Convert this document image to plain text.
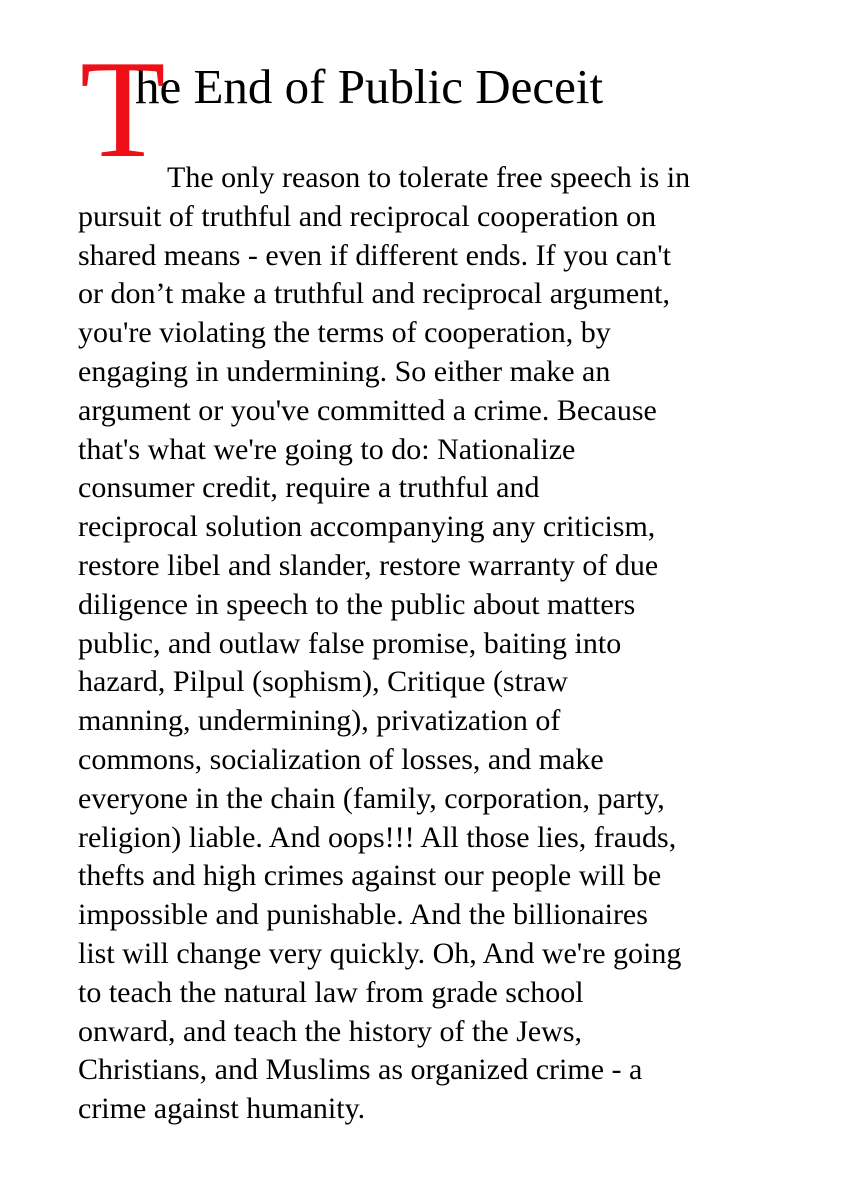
T
he End of Public Deceit
The only reason to tolerate free speech is in
pursuit of truthful and reciprocal cooperation on
shared means - even if different ends. If you can't
or don’t make a truthful and reciprocal argument,
you're violating the terms of cooperation, by
engaging in undermining. So either make an
argument or you've committed a crime. Because
that's what we're going to do: Nationalize
consumer credit, require a truthful and
reciprocal solution accompanying any criticism,
restore libel and slander, restore warranty of due
diligence in speech to the public about matters
public, and outlaw false promise, baiting into
hazard, Pilpul (sophism), Critique (straw
manning, undermining), privatization of
commons, socialization of losses, and make
everyone in the chain (family, corporation, party,
religion) liable. And oops!!! All those lies, frauds,
thefts and high crimes against our people will be
impossible and punishable. And the billionaires
list will change very quickly. Oh, And we're going
to teach the natural law from grade school
onward, and teach the history of the Jews,
Christians, and Muslims as organized crime - a
crime against humanity.
